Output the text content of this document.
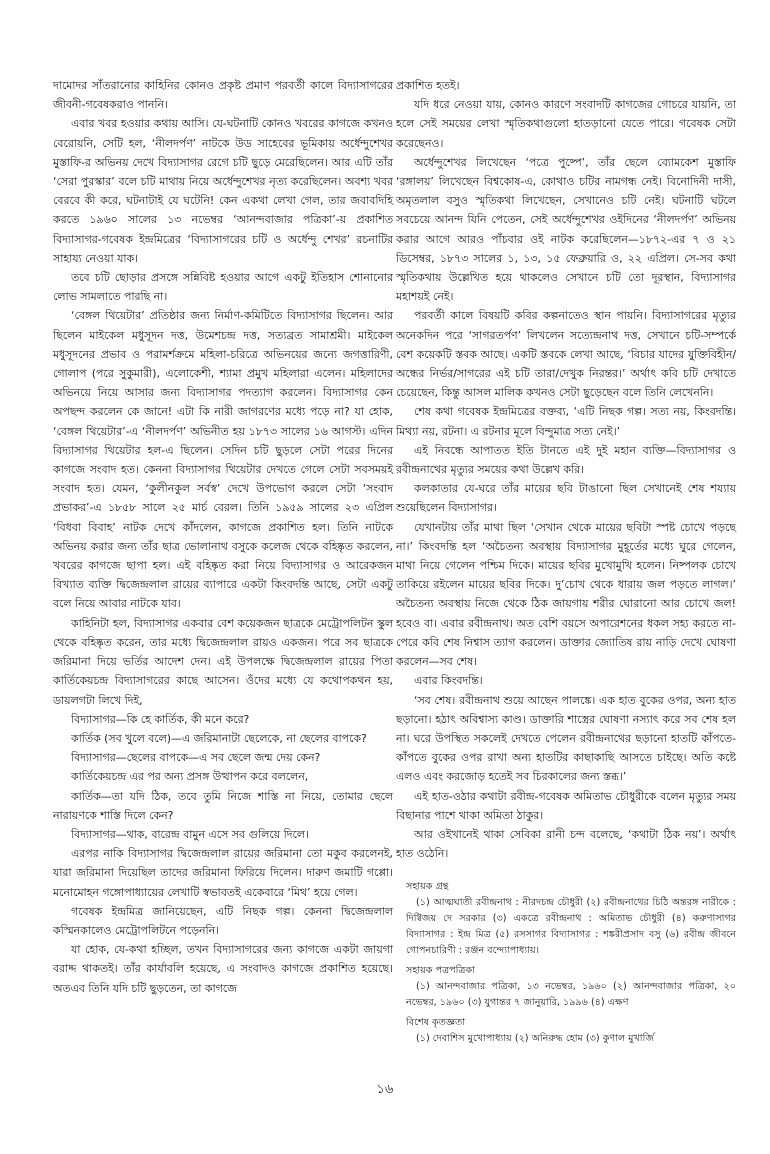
দামোদর সাঁতরানোর কাহিনির কোনও প্রকৃষ্ট প্রমাণ পরবর্তী কালে বিদ্যাসাগরের জীবনী-গবেষকরাও পাননি।

এবার খবর হওয়ার কথায় আসি। যে-ঘটনাটি কোনও খবরের কাগজে কখনও বেরোয়নি, সেটি হল, ‘নীলদর্পণ’ নাটকে উড সাহেবের ভূমিকায় অর্ধেন্দুশেখর মুস্তাফি-র অভিনয় দেখে বিদ্যাসাগর রেগে চটি ছুড়ে মেরেছিলেন। আর এটি তাঁর ‘সেরা পুরস্কার’ বলে চটি মাথায় নিয়ে অর্ধেন্দুশেখর নৃত্য করেছিলেন। অবশ্য খবর বেরবে কী করে, ঘটনাটাই যে ঘটেনি! কেন একথা লেখা গেল, তার জবাবদিহি করতে ১৯৬০ সালের ১৩ নভেম্বর ‘আনন্দবাজার পত্রিকা’-য় প্রকাশিত বিদ্যাসাগর-গবেষক ইন্দ্রমিত্রের ‘বিদ্যাসাগরের চটি ও অর্ধেন্দু শেখর’ রচনাটির সাহায্য নেওয়া যাক।

তবে চটি ছোড়ার প্রসঙ্গে সন্নিবিষ্ট হওয়ার আগে একটু ইতিহাস শোনানোর লোভ সামলাতে পারছি না।

‘বেঙ্গল থিয়েটার’ প্রতিষ্ঠার জন্য নির্মাণ-কমিটিতে বিদ্যাসাগর ছিলেন। আর ছিলেন মাইকেল মধুসূদন দত্ত, উমেশচন্দ্র দত্ত, সত্যব্রত সামাশ্রমী। মাইকেল মধুসূদনের প্রভাব ও পরামর্শক্রমে মহিলা-চরিত্রে অভিনয়ের জন্যে জগত্তারিণী, গোলাপ (পরে সুকুমারী), এলোকেশী, শ্যামা প্রমুখ মহিলারা এলেন। মহিলাদের অভিনয়ে নিয়ে আসার জন্য বিদ্যাসাগর পদত্যাগ করলেন। বিদ্যাসাগর কেন অপছন্দ করলেন কে জানে! এটা কি নারী জাগরণের মধ্যে পড়ে না? যা হোক, ‘বেঙ্গল থিয়েটার’-এ ‘নীলদর্পণ’ অভিনীত হয় ১৮৭৩ সালের ১৬ আগস্ট। এদিন বিদ্যাসাগর থিয়েটার হল-এ ছিলেন। সেদিন চটি ছুড়লে সেটা পরের দিনের কাগজে সংবাদ হত। কেননা বিদ্যাসাগর থিয়েটার দেখতে গেলে সেটা সবসময়ই সংবাদ হত। যেমন, ‘কুলীনকুল সর্বস্ব’ দেখে উপভোগ করলে সেটা ‘সংবাদ প্রভাকর’-এ ১৮৫৮ সালে ২৫ মার্চ বেরল। তিনি ১৯৫৯ সালের ২৩ এপ্রিল ‘বিধবা বিবাহ’ নাটক দেখে কাঁদলেন, কাগজে প্রকাশিত হল। তিনি নাটকে অভিনয় করার জন্য তাঁর ছাত্র ভোলানাথ বসুকে কলেজ থেকে বহিষ্কৃত করলেন, খবরের কাগজে ছাপা হল। এই বহিষ্কৃত করা নিয়ে বিদ্যাসাগর ও আরেকজন বিখ্যাত ব্যক্তি দ্বিজেন্দ্রলাল রায়ের ব্যাপারে একটা কিংবদন্তি আছে, সেটা একটু বলে নিয়ে আবার নাটকে যাব।

কাহিনিটা হল, বিদ্যাসাগর একবার বেশ কয়েকজন ছাত্রকে মেট্রোপলিটন স্কুল থেকে বহিষ্কৃত করেন, তার মধ্যে দ্বিজেন্দ্রলাল রায়ও একজন। পরে সব ছাত্রকে জরিমানা দিয়ে ভর্তির আদেশ দেন। এই উপলক্ষে দ্বিজেন্দ্রলাল রায়ের পিতা কার্তিকেয়চন্দ্র বিদ্যাসাগরের কাছে আসেন। ওঁদের মধ্যে যে কথোপকথন হয়, ডায়লগটা লিখে দিই,

বিদ্যাসাগর—কি হে কার্তিক, কী মনে করে?

কার্তিক (সব খুলে বলে)—এ জরিমানাটা ছেলেকে, না ছেলের বাপকে?

বিদ্যাসাগর—ছেলের বাপকে—এ সব ছেলে জন্ম দেয় কেন?

কার্তিকেয়চন্দ্র এর পর অন্য প্রসঙ্গ উত্থাপন করে বললেন,

কার্তিক—তা যদি ঠিক, তবে তুমি নিজে শাস্তি না নিয়ে, তোমার ছেলে নারায়ণকে শাস্তি দিলে কেন?

বিদ্যাসাগর—থাক, বারেন্দ্র বামুন এসে সব গুলিয়ে দিলে।

এরপর নাকি বিদ্যাসাগর দ্বিজেন্দ্রলাল রায়ের জরিমানা তো মকুব করলেনই, যারা জরিমানা দিয়েছিল তাদের জরিমানা ফিরিয়ে দিলেন। দারুণ জমাটি গপ্পো। মনোমোহন গঙ্গোপাধ্যায়ের লেখাটি স্বভাবতই একেবারে ‘মিথ’ হয়ে গেল।

গবেষক ইন্দ্রমিত্র জানিয়েছেন, এটি নিছক গল্প। কেননা দ্বিজেন্দ্রলাল কস্মিনকালেও মেট্রোপলিটনে পড়েননি।

যা হোক, যে-কথা হচ্ছিল, তখন বিদ্যাসাগরের জন্য কাগজে একটা জায়গা বরাদ্দ থাকতই। তাঁর কার্যাবলি হয়েছে, এ সংবাদও কাগজে প্রকাশিত হয়েছে। অতএব তিনি যদি চটি ছুড়তেন, তা কাগজে

প্রকাশিত হতই।

যদি ধরে নেওয়া যায়, কোনও কারণে সংবাদটি কাগজের গোচরে যায়নি, তা হলে সেই সময়ের লেখা স্মৃতিকথাগুলো হাতড়ানো যেতে পারে। গবেষক সেটা করেছেনও।

অর্ধেন্দুশেখর লিখেছেন ‘পত্রে পুষ্পে’, তাঁর ছেলে ব্যোমকেশ মুস্তাফি ‘রঙ্গালয়’ লিখেছেন বিশ্বকোষ-এ, কোথাও চটির নামগন্ধ নেই। বিনোদিনী দাসী, অমৃতলাল বসুও স্মৃতিকথা লিখেছেন, সেখানেও চটি নেই। ঘটনাটি ঘটলে সবচেয়ে আনন্দ যিনি পেতেন, সেই অর্ধেন্দুশেখর ওইদিনের ‘নীলদর্পণ’ অভিনয় করার আগে আরও পাঁচবার ওই নাটক করেছিলেন—১৮৭২-এর ৭ ও ২১ ডিসেম্বর, ১৮৭৩ সালের ১, ১৩, ১৫ ফেব্রুয়ারি ও, ২২ এপ্রিল। সে-সব কথা স্মৃতিকথায় উল্লেখিত হয়ে থাকলেও সেখানে চটি তো দূরস্থান, বিদ্যাসাগর মহাশয়ই নেই।

পরবর্তী কালে বিষয়টি কবির কল্পনাতেও স্থান পায়নি। বিদ্যাসাগরের মৃত্যুর অনেকদিন পরে ‘সাগরতর্পণ’ লিখলেন সত্যেন্দ্রনাথ দত্ত, সেখানে চটি-সম্পর্কে বেশ কয়েকটি স্তবক আছে। একটি স্তবকে লেখা আছে, ‘বিচার যাদের যুক্তিবিহীন/অন্ধের নির্ভর/সাগরের এই চটি তারা/দেখুক নিরন্তর।’ অর্থাৎ কবি চটি দেখাতে চেয়েছেন, কিন্তু আসল মালিক কখনও সেটা ছুড়েছেন বলে তিনি লেখেননি।

শেষ কথা গবেষক ইন্দ্রমিত্রের বক্তব্য, ‘এটি নিছক গল্প। সত্য নয়, কিংবদন্তি। মিথ্যা নয়, রটনা। এ রটনার মূলে বিন্দুমাত্র সত্য নেই।’

এই নিবন্ধে আপাতত ইতি টানতে এই দুই মহান ব্যক্তি—বিদ্যাসাগর ও রবীন্দ্রনাথের মৃত্যুর সময়ের কথা উল্লেখ করি।

কলকাতার যে-ঘরে তাঁর মায়ের ছবি টাঙানো ছিল সেখানেই শেষ শয্যায় শুয়েছিলেন বিদ্যাসাগর।

যেখানটায় তাঁর মাথা ছিল ‘সেখান থেকে মায়ের ছবিটা স্পষ্ট চোখে পড়ছে না।’ কিংবদন্তি হল ‘অচৈতন্য অবস্থায় বিদ্যাসাগর মুহূর্তের মধ্যে ঘুরে গেলেন, মাথা নিয়ে গেলেন পশ্চিম দিকে। মায়ের ছবির মুখোমুখি হলেন। নিষ্পলক চোখে তাকিয়ে রইলেন মায়ের ছবির দিকে। দু’চোখ থেকে ধারায় জল পড়তে লাগল।’ অচৈতন্য অবস্থায় নিজে থেকে ঠিক জায়গায় শরীর ঘোরানো আর চোখে জল! হবেও বা। এবার রবীন্দ্রনাথ। অত বেশি বয়সে অপারেশনের ধকল সহ্য করতে না-পেরে কবি শেষ নিশ্বাস ত্যাগ করলেন। ডাক্তার জ্যোতিষ রায় নাড়ি দেখে ঘোষণা করলেন—সব শেষ।

এবার কিংবদন্তি।

‘সব শেষ। রবীন্দ্রনাথ শুয়ে আছেন পালঙ্কে। এক হাত বুকের ওপর, অন্য হাত ছড়ানো। হঠাৎ অবিশ্বাস্য কাণ্ড। ডাক্তারি শাস্ত্রের ঘোষণা নস্যাৎ করে সব শেষ হল না। ঘরে উপস্থিত সকলেই দেখতে পেলেন রবীন্দ্রনাথের ছড়ানো হাতটি কাঁপতে-কাঁপতে বুকের ওপর রাখা অন্য হাতটির কাছাকাছি আসতে চাইছে। অতি কষ্টে এলও এবং করজোড় হতেই সব চিরকালের জন্য স্তব্ধ।’

এই হাত-ওঠার কথাটা রবীন্দ্র-গবেষক অমিতাভ চৌধুরীকে বলেন মৃত্যুর সময় বিছানার পাশে থাকা অমিতা ঠাকুর।

আর ওইখানেই থাকা সেবিকা রানী চন্দ বলেছে, ‘কথাটা ঠিক নয়’। অর্থাৎ হাত ওঠেনি।

সহায়ক গ্রন্থ

(১) আত্মঘাতী রবীন্দ্রনাথ : নীরদচন্দ্র চৌধুরী (২) রবীন্দ্রনাথের চিঠি অন্তরঙ্গ নারীকে : দিগ্বিজয় দে সরকার (৩) একত্রে রবীন্দ্রনাথ : অমিতাভ চৌধুরী (৪) করুণাসাগর বিদ্যাসাগর : ইন্দ্র মিত্র (৫) রসসাগর বিদ্যাসাগর : শঙ্করীপ্রসাদ বসু (৬) রবীন্দ্র জীবনে গোপনচারিণী : রঞ্জন বন্দ্যোপাধ্যায়।

সহায়ক পত্রপত্রিকা

(১) আনন্দবাজার পত্রিকা, ১৩ নভেম্বর, ১৯৬০ (২) আনন্দবাজার পত্রিকা, ২০ নভেম্বর, ১৯৬০ (৩) যুগান্তর ৭ জানুয়ারি, ১৯৯৬ (৪) এক্ষণ

বিশেষ কৃতজ্ঞতা

(১) দেবাশিস মুখোপাধ্যায় (২) অনিরুদ্ধ হোম (৩) কুণাল মুখার্জি

১৬
